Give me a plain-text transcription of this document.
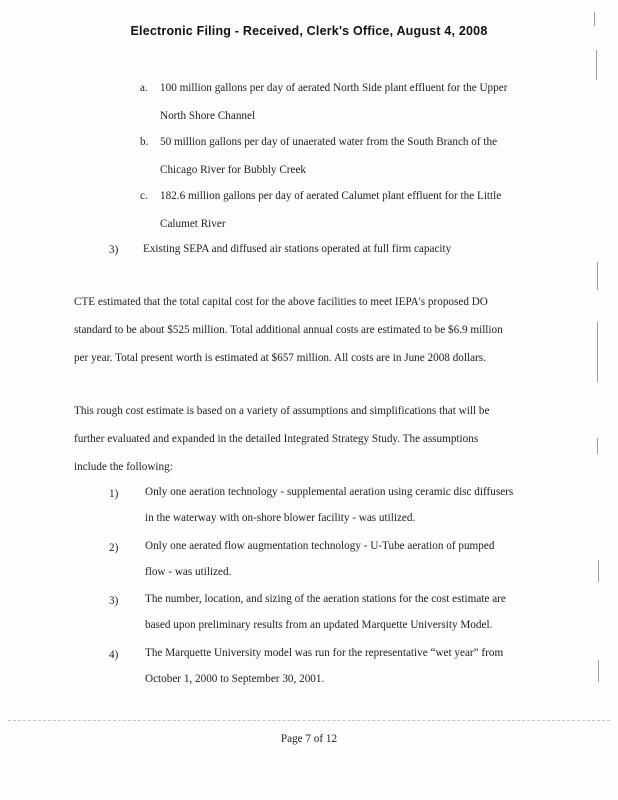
Electronic Filing - Received, Clerk's Office, August 4, 2008
a. 100 million gallons per day of aerated North Side plant effluent for the Upper
North Shore Channel
b. 50 million gallons per day of unaerated water from the South Branch of the
Chicago River for Bubbly Creek
c. 182.6 million gallons per day of aerated Calumet plant effluent for the Little
Calumet River
3) Existing SEPA and diffused air stations operated at full firm capacity
CTE estimated that the total capital cost for the above facilities to meet IEPA's proposed DO
standard to be about $525 million. Total additional annual costs are estimated to be $6.9 million
per year. Total present worth is estimated at $657 million. All costs are in June 2008 dollars.
This rough cost estimate is based on a variety of assumptions and simplifications that will be
further evaluated and expanded in the detailed Integrated Strategy Study. The assumptions
include the following:
1) Only one aeration technology - supplemental aeration using ceramic disc diffusers
in the waterway with on-shore blower facility - was utilized.
2) Only one aerated flow augmentation technology - U-Tube aeration of pumped
flow - was utilized.
3) The number, location, and sizing of the aeration stations for the cost estimate are
based upon preliminary results from an updated Marquette University Model.
4) The Marquette University model was run for the representative “wet year” from
October 1, 2000 to September 30, 2001.
Page 7 of 12
